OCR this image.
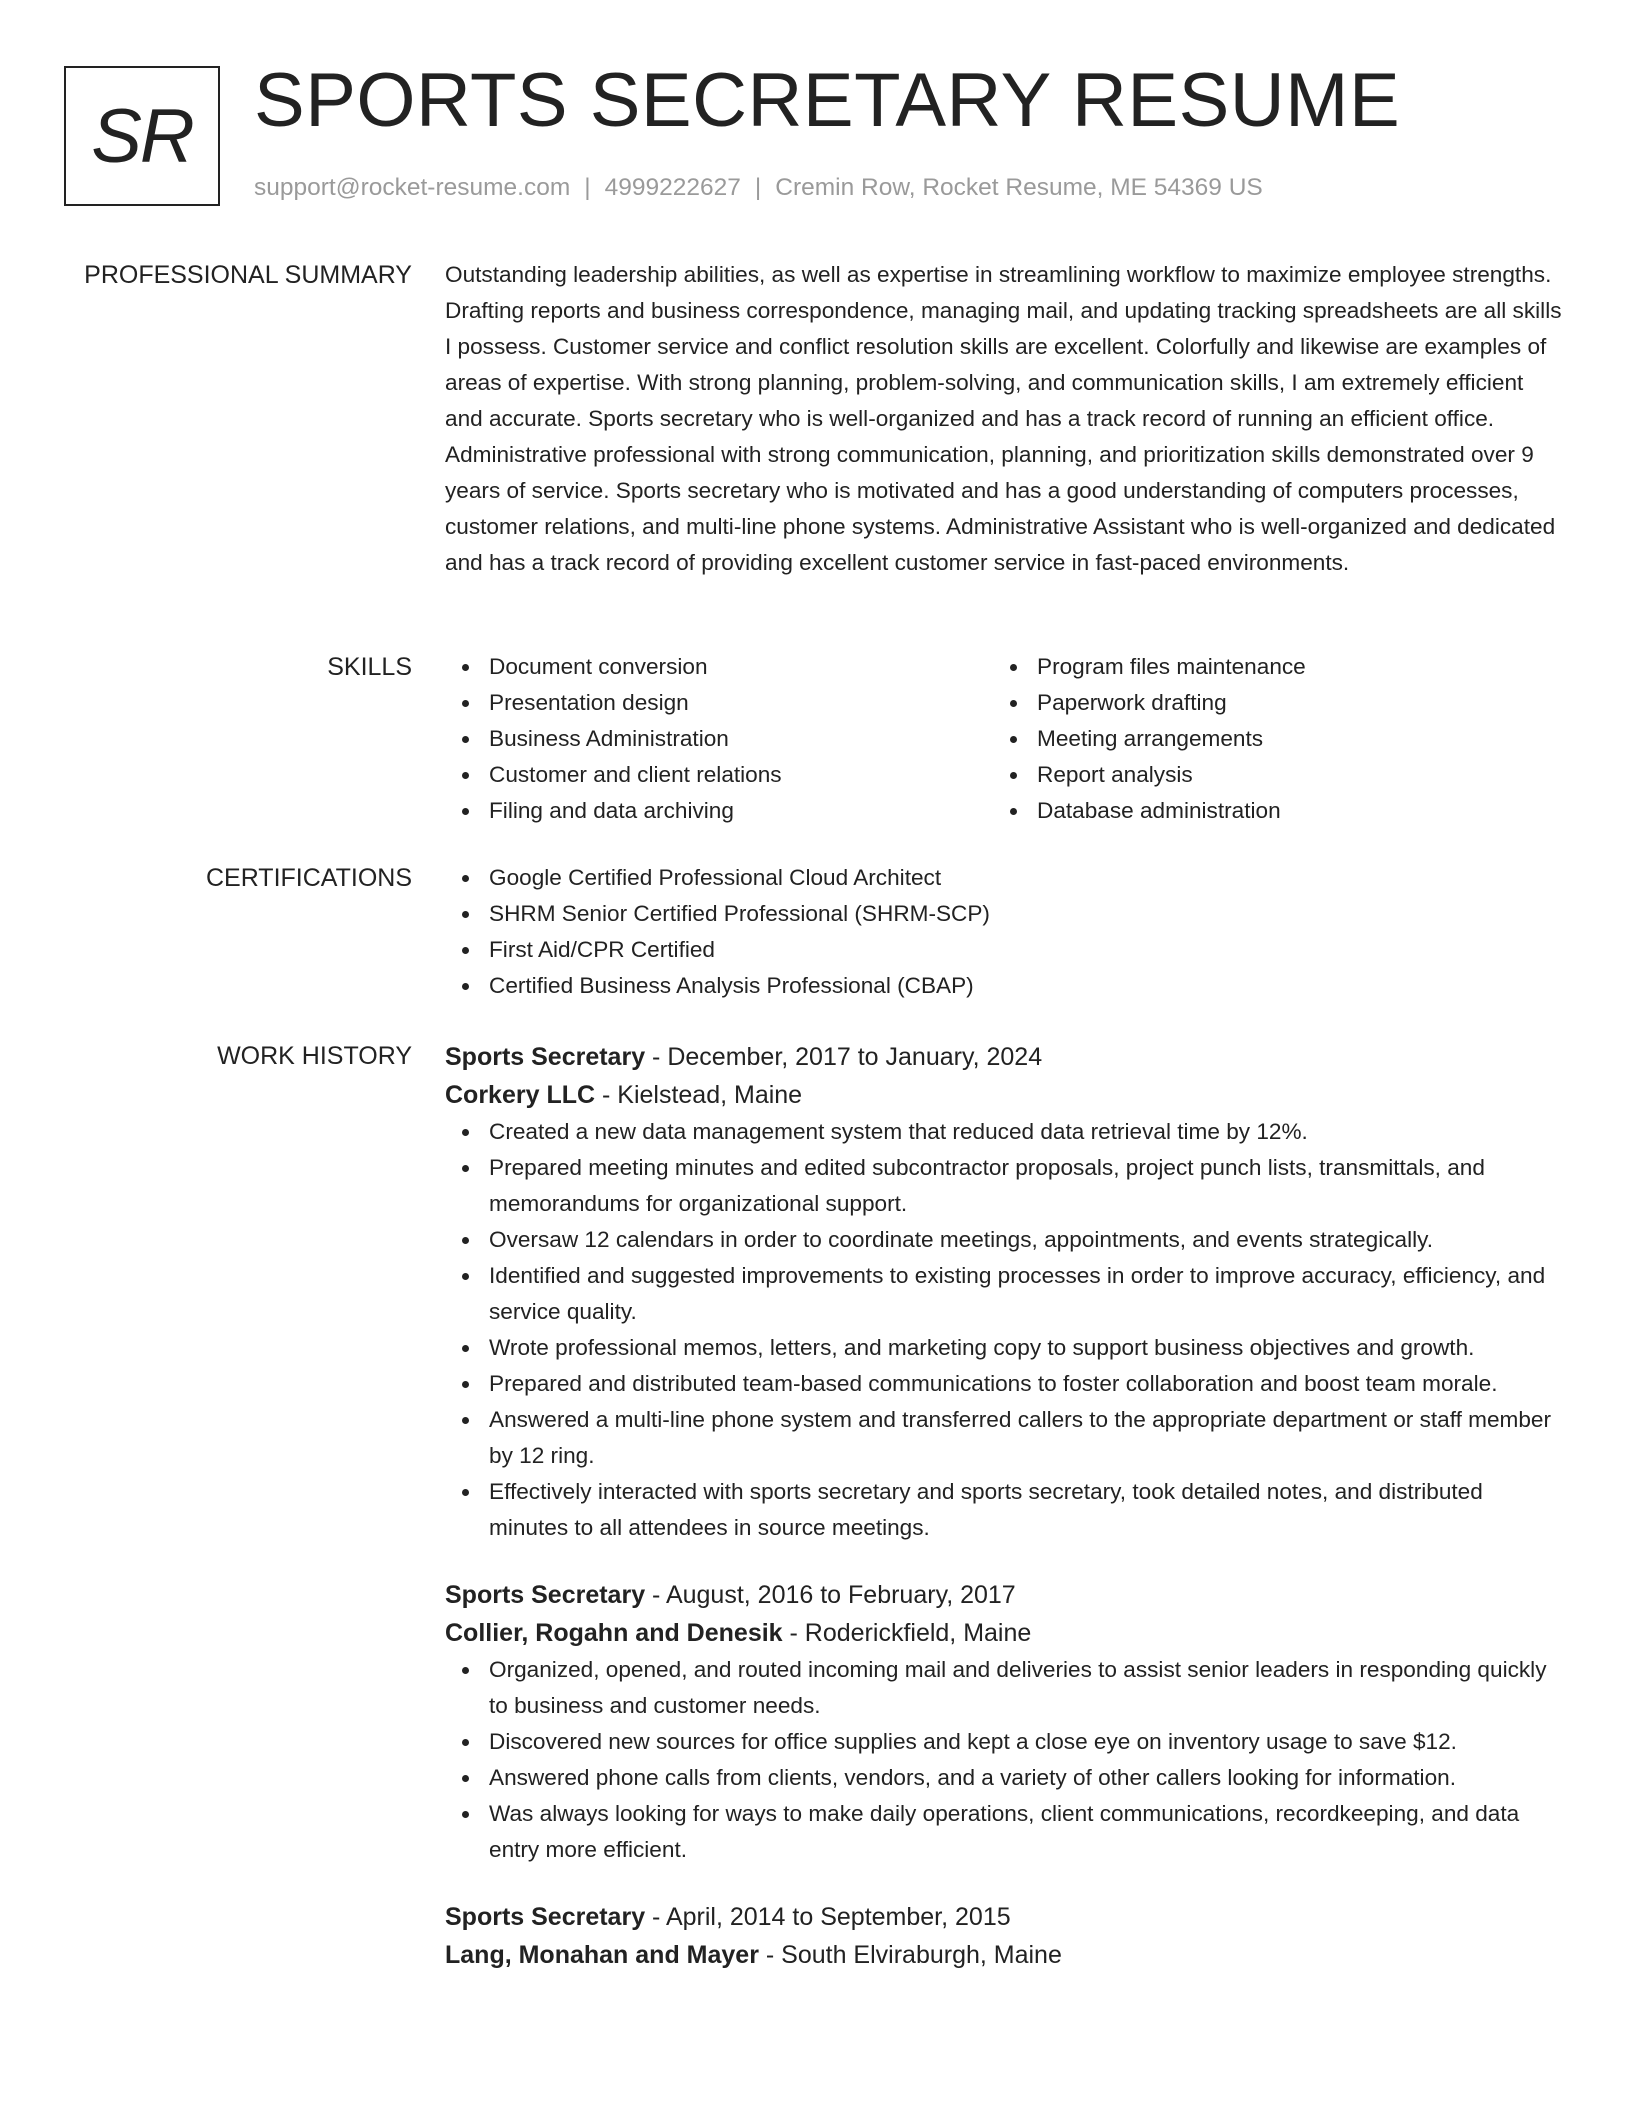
SR SPORTS SECRETARY RESUME
support@rocket-resume.com | 4999222627 | Cremin Row, Rocket Resume, ME 54369 US
PROFESSIONAL SUMMARY Outstanding leadership abilities, as well as expertise in streamlining workflow to maximize employee strengths. Drafting reports and business correspondence, managing mail, and updating tracking spreadsheets are all skills I possess. Customer service and conflict resolution skills are excellent. Colorfully and likewise are examples of areas of expertise. With strong planning, problem-solving, and communication skills, I am extremely efficient and accurate. Sports secretary who is well-organized and has a track record of running an efficient office. Administrative professional with strong communication, planning, and prioritization skills demonstrated over 9 years of service. Sports secretary who is motivated and has a good understanding of computers processes, customer relations, and multi-line phone systems. Administrative Assistant who is well-organized and dedicated and has a track record of providing excellent customer service in fast-paced environments.

SKILLS	Document conversion
Presentation design
Business Administration
Customer and client relations
Filing and data archiving
Program files maintenance
Paperwork drafting
Meeting arrangements
Report analysis
Database administration
CERTIFICATIONS	Google Certified Professional Cloud Architect
SHRM Senior Certified Professional (SHRM-SCP)
First Aid/CPR Certified
Certified Business Analysis Professional (CBAP)
WORK HISTORY Sports Secretary - December, 2017 to January, 2024
Corkery LLC - Kielstead, Maine
Created a new data management system that reduced data retrieval time by 12%.
Prepared meeting minutes and edited subcontractor proposals, project punch lists, transmittals, and memorandums for organizational support.
Oversaw 12 calendars in order to coordinate meetings, appointments, and events strategically.
Identified and suggested improvements to existing processes in order to improve accuracy, efficiency, and service quality.
Wrote professional memos, letters, and marketing copy to support business objectives and growth.
Prepared and distributed team-based communications to foster collaboration and boost team morale.
Answered a multi-line phone system and transferred callers to the appropriate department or staff member by 12 ring.
Effectively interacted with sports secretary and sports secretary, took detailed notes, and distributed minutes to all attendees in source meetings.
Sports Secretary - August, 2016 to February, 2017
Collier, Rogahn and Denesik - Roderickfield, Maine
Organized, opened, and routed incoming mail and deliveries to assist senior leaders in responding quickly to business and customer needs.
Discovered new sources for office supplies and kept a close eye on inventory usage to save $12.
Answered phone calls from clients, vendors, and a variety of other callers looking for information.
Was always looking for ways to make daily operations, client communications, recordkeeping, and data entry more efficient.
Sports Secretary - April, 2014 to September, 2015
Lang, Monahan and Mayer - South Elviraburgh, Maine
